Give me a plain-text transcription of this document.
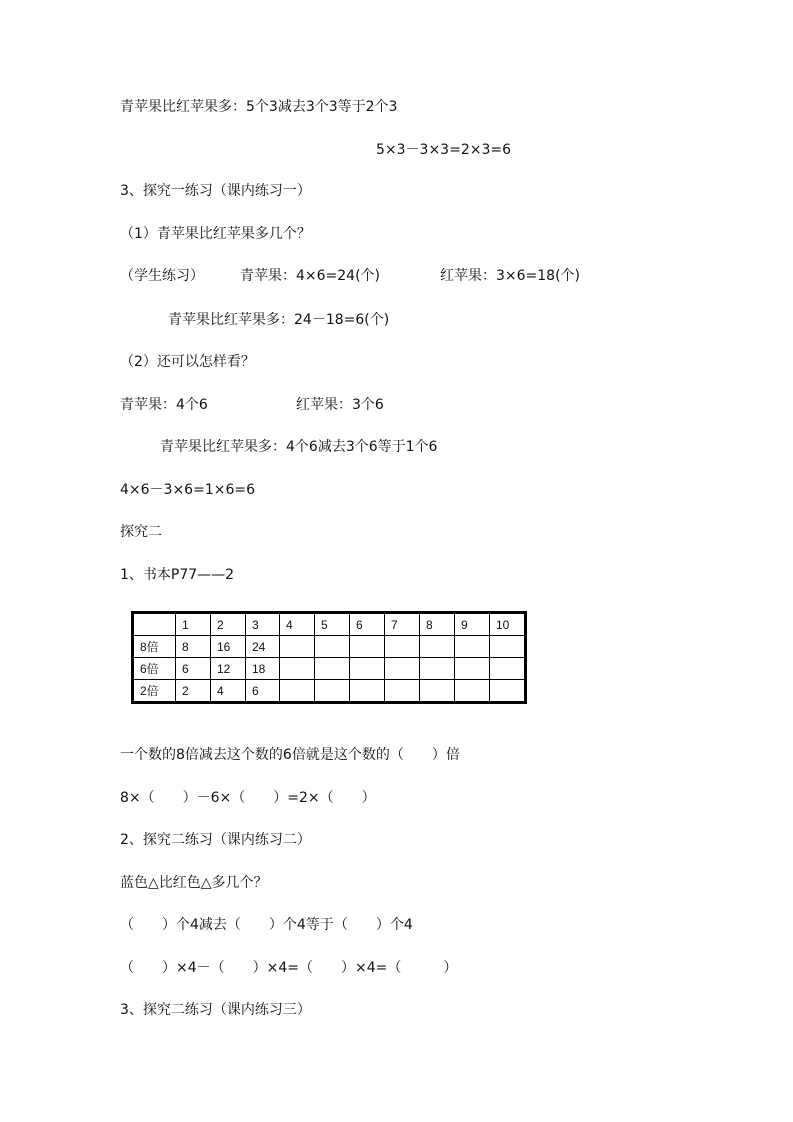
青苹果比红苹果多：5个3减去3个3等于2个3
5×3－3×3=2×3=6
3、探究一练习（课内练习一）
（1）青苹果比红苹果多几个？
（学生练习）	青苹果：4×6=24(个)	红苹果：3×6=18(个)
青苹果比红苹果多：24－18=6(个)
（2）还可以怎样看？
青苹果：4个6	红苹果：3个6
青苹果比红苹果多：4个6减去3个6等于1个6
4×6－3×6=1×6=6
探究二
1、书本P77——2
	1	2	3	4	5	6	7	8	9	10
8倍	8	16	24							
6倍	6	12	18							
2倍	2	4	6							
一个数的8倍减去这个数的6倍就是这个数的（　　）倍
8×（　　）－6×（　　）=2×（　　）
2、探究二练习（课内练习二）
蓝色△比红色△多几个？
（　　）个4减去（　　）个4等于（　　）个4
（　　）×4－（　　）×4=（　　）×4=（　　　）
3、探究二练习（课内练习三）
